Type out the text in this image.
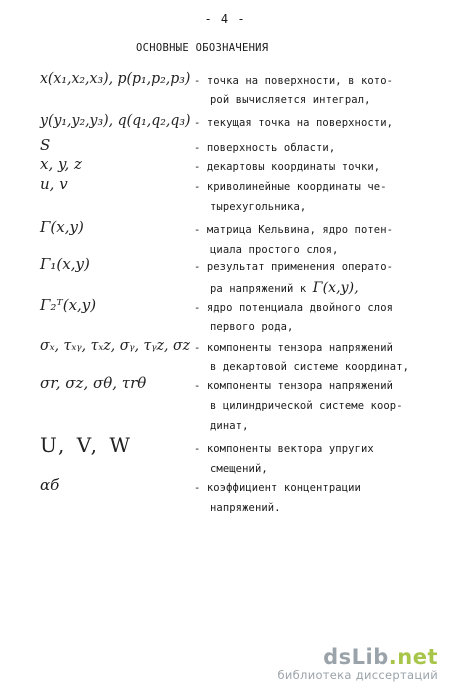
- 4 -
ОСНОВНЫЕ ОБОЗНАЧЕНИЯ
x(x₁,x₂,x₃), p(p₁,p₂,p₃) - точка на поверхности, в кото-
рой вычисляется интеграл,
y(y₁,y₂,y₃), q(q₁,q₂,q₃) - текущая точка на поверхности,
S	- поверхность области,
x, y, z	- декартовы координаты точки,
u, v	- криволинейные координаты че-
тырехугольника,
Γ(x,y)	- матрица Кельвина, ядро потен-
циала простого слоя,
Γ₁(x,y)	- результат применения операто-
ра напряжений к Γ(x,y),
Γ₂ᵀ(x,y)	- ядро потенциала двойного слоя
первого рода,
σₓ, τₓᵧ, τₓz, σᵧ, τᵧz, σz - компоненты тензора напряжений
в декартовой системе координат,
σr, σz, σθ, τrθ	- компоненты тензора напряжений
в цилиндрической системе коор-
динат,
U, V, W	- компоненты вектора упругих
смещений,
αб	- коэффициент концентрации
напряжений.
dsLib.net
библиотека диссертаций
